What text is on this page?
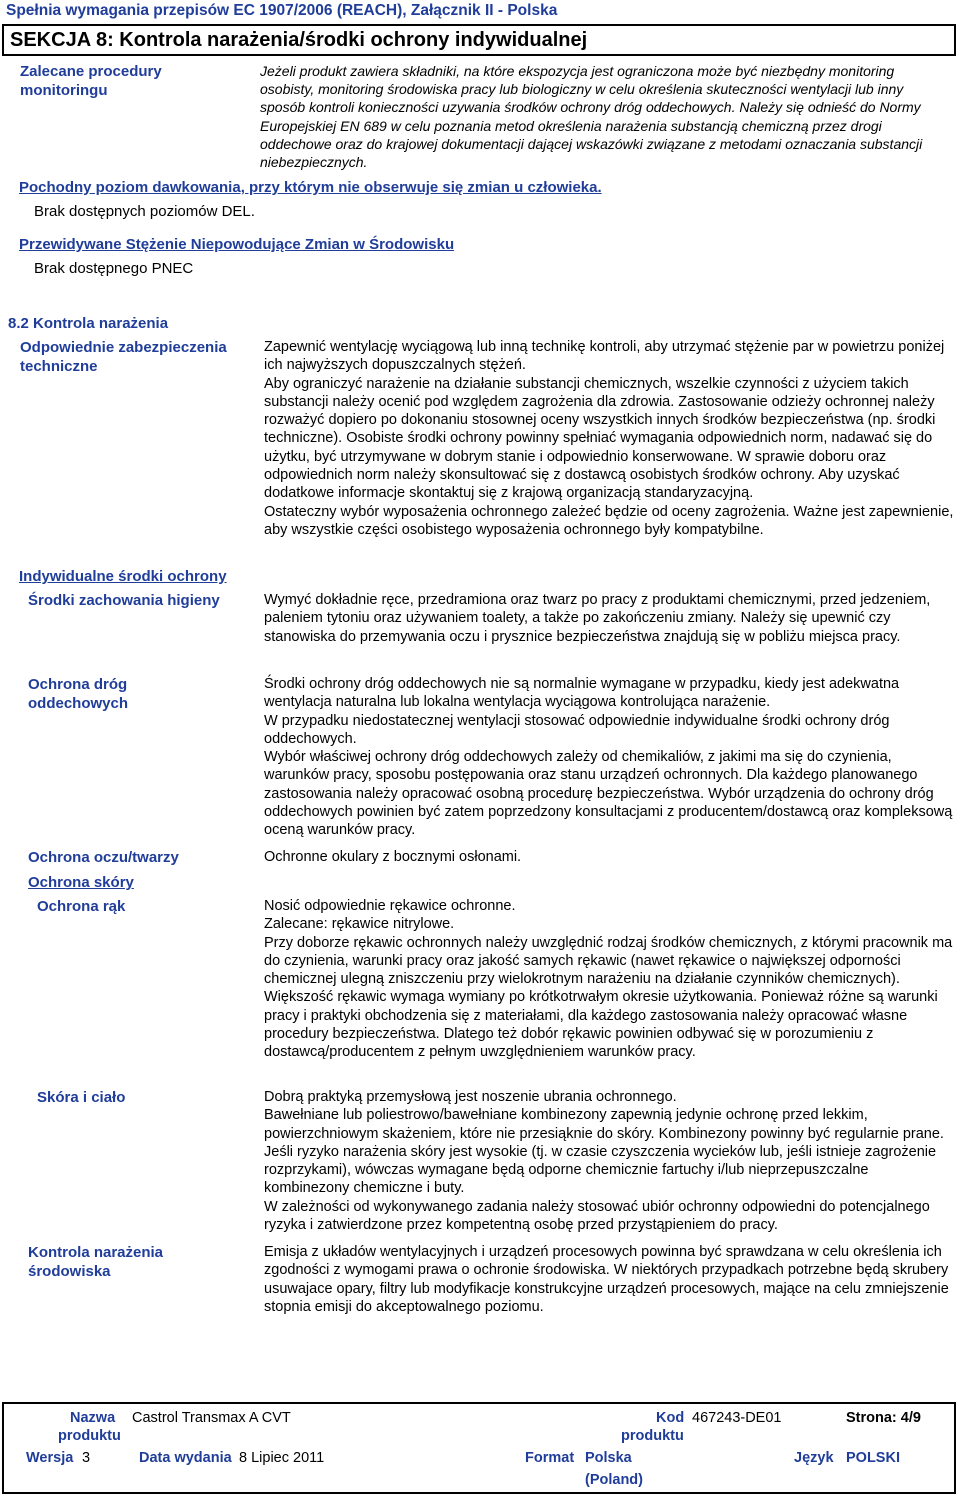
Spełnia wymagania przepisów EC 1907/2006 (REACH), Załącznik II - Polska
SEKCJA 8: Kontrola narażenia/środki ochrony indywidualnej
Zalecane procedury monitoringu
Jeżeli produkt zawiera składniki, na które ekspozycja jest ograniczona może być niezbędny monitoring osobisty, monitoring środowiska pracy lub biologiczny w celu określenia skuteczności wentylacji lub inny sposób kontroli konieczności uzywania środków ochrony dróg oddechowych. Należy się odnieść do Normy Europejskiej EN 689 w celu poznania metod określenia narażenia substancją chemiczną przez drogi oddechowe oraz do krajowej dokumentacji dającej wskazówki związane z metodami oznaczania substancji niebezpiecznych.
Pochodny poziom dawkowania, przy którym nie obserwuje się zmian u człowieka.
Brak dostępnych poziomów DEL.
Przewidywane Stężenie Niepowodujące Zmian w Środowisku
Brak dostępnego PNEC
8.2 Kontrola narażenia
Odpowiednie zabezpieczenia techniczne

Zapewnić wentylację wyciągową lub inną technikę kontroli, aby utrzymać stężenie par w powietrzu poniżej ich najwyższych dopuszczalnych stężeń.

Aby ograniczyć narażenie na działanie substancji chemicznych, wszelkie czynności z użyciem takich substancji należy ocenić pod względem zagrożenia dla zdrowia. Zastosowanie odzieży ochronnej należy rozważyć dopiero po dokonaniu stosownej oceny wszystkich innych środków bezpieczeństwa (np. środki techniczne). Osobiste środki ochrony powinny spełniać wymagania odpowiednich norm, nadawać się do użytku, być utrzymywane w dobrym stanie i odpowiednio konserwowane. W sprawie doboru oraz odpowiednich norm należy skonsultować się z dostawcą osobistych środków ochrony. Aby uzyskać dodatkowe informacje skontaktuj się z krajową organizacją standaryzacyjną.

Ostateczny wybór wyposażenia ochronnego zależeć będzie od oceny zagrożenia. Ważne jest zapewnienie, aby wszystkie części osobistego wyposażenia ochronnego były kompatybilne.

Indywidualne środki ochrony
Środki zachowania higieny	Wymyć dokładnie ręce, przedramiona oraz twarz po pracy z produktami chemicznymi, przed jedzeniem, paleniem tytoniu oraz używaniem toalety, a także po zakończeniu zmiany. Należy się upewnić czy stanowiska do przemywania oczu i prysznice bezpieczeństwa znajdują się w pobliżu miejsca pracy.
Ochrona dróg oddechowych

Środki ochrony dróg oddechowych nie są normalnie wymagane w przypadku, kiedy jest adekwatna wentylacja naturalna lub lokalna wentylacja wyciągowa kontrolująca narażenie.

W przypadku niedostatecznej wentylacji stosować odpowiednie indywidualne środki ochrony dróg oddechowych.

Wybór właściwej ochrony dróg oddechowych zależy od chemikaliów, z jakimi ma się do czynienia, warunków pracy, sposobu postępowania oraz stanu urządzeń ochronnych. Dla każdego planowanego zastosowania należy opracować osobną procedurę bezpieczeństwa. Wybór urządzenia do ochrony dróg oddechowych powinien być zatem poprzedzony konsultacjami z producentem/dostawcą oraz kompleksową oceną warunków pracy.

Ochrona oczu/twarzy	Ochronne okulary z bocznymi osłonami.
Ochrona skóry
Ochrona rąk	Nosić odpowiednie rękawice ochronne.

Zalecane: rękawice nitrylowe.

Przy doborze rękawic ochronnych należy uwzględnić rodzaj środków chemicznych, z którymi pracownik ma do czynienia, warunki pracy oraz jakość samych rękawic (nawet rękawice o największej odporności chemicznej ulegną zniszczeniu przy wielokrotnym narażeniu na działanie czynników chemicznych). Większość rękawic wymaga wymiany po krótkotrwałym okresie użytkowania. Ponieważ różne są warunki pracy i praktyki obchodzenia się z materiałami, dla każdego zastosowania należy opracować własne procedury bezpieczeństwa. Dlatego też dobór rękawic powinien odbywać się w porozumieniu z dostawcą/producentem z pełnym uwzględnieniem warunków pracy.

Skóra i ciało	Dobrą praktyką przemysłową jest noszenie ubrania ochronnego.

Bawełniane lub poliestrowo/bawełniane kombinezony zapewnią jedynie ochronę przed lekkim, powierzchniowym skażeniem, które nie przesiąknie do skóry. Kombinezony powinny być regularnie prane. Jeśli ryzyko narażenia skóry jest wysokie (tj. w czasie czyszczenia wycieków lub, jeśli istnieje zagrożenie rozprzykami), wówczas wymagane będą odporne chemicznie fartuchy i/lub nieprzepuszczalne kombinezony chemiczne i buty.

W zależności od wykonywanego zadania należy stosować ubiór ochronny odpowiedni do potencjalnego ryzyka i zatwierdzone przez kompetentną osobę przed przystąpieniem do pracy.

Kontrola narażenia środowiska
Emisja z układów wentylacyjnych i urządzeń procesowych powinna być sprawdzana w celu określenia ich zgodności z wymogami prawa o ochronie środowiska. W niektórych przypadkach potrzebne będą skrubery usuwajace opary, filtry lub modyfikacje konstrukcyjne urządzeń procesowych, mające na celu zmniejszenie stopnia emisji do akceptowalnego poziomu.
Nazwa
produktu
Castrol Transmax A CVT	Kod
produktu
467243-DE01	Strona: 4/9
Wersja 3	Data wydania 8 Lipiec 2011	Format Polska
(Poland)
Język POLSKI
